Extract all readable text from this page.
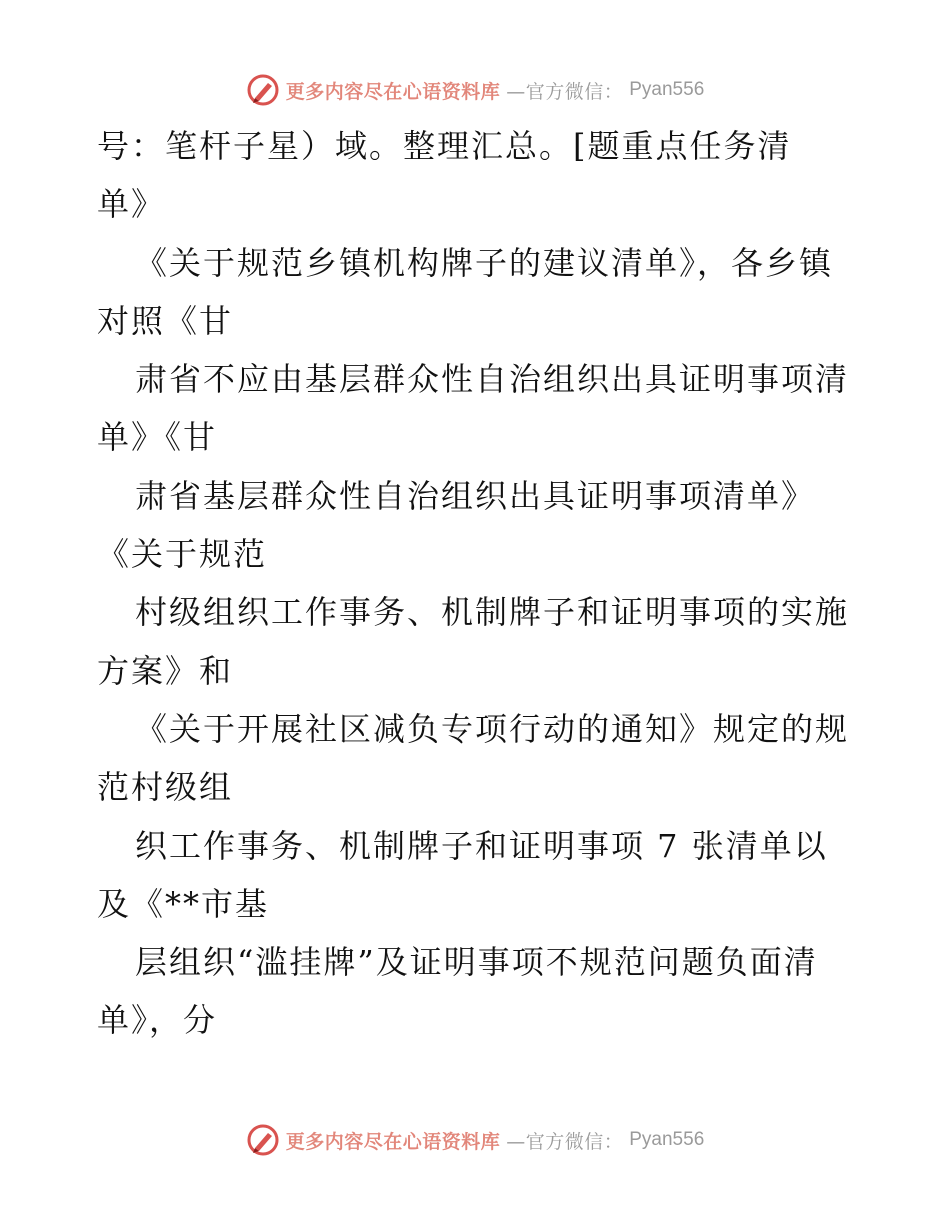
更多内容尽在心语资料库 —官方微信： Pyan556
号：笔杆子星）域。整理汇总。[题重点任务清
单》
《关于规范乡镇机构牌子的建议清单》，各乡镇
对照《甘
肃省不应由基层群众性自治组织出具证明事项清
单》《甘
肃省基层群众性自治组织出具证明事项清单》
《关于规范
村级组织工作事务、机制牌子和证明事项的实施
方案》和
《关于开展社区减负专项行动的通知》规定的规
范村级组
织工作事务、机制牌子和证明事项 7 张清单以
及《**市基
层组织“滥挂牌”及证明事项不规范问题负面清
单》，分
更多内容尽在心语资料库 —官方微信： Pyan556
